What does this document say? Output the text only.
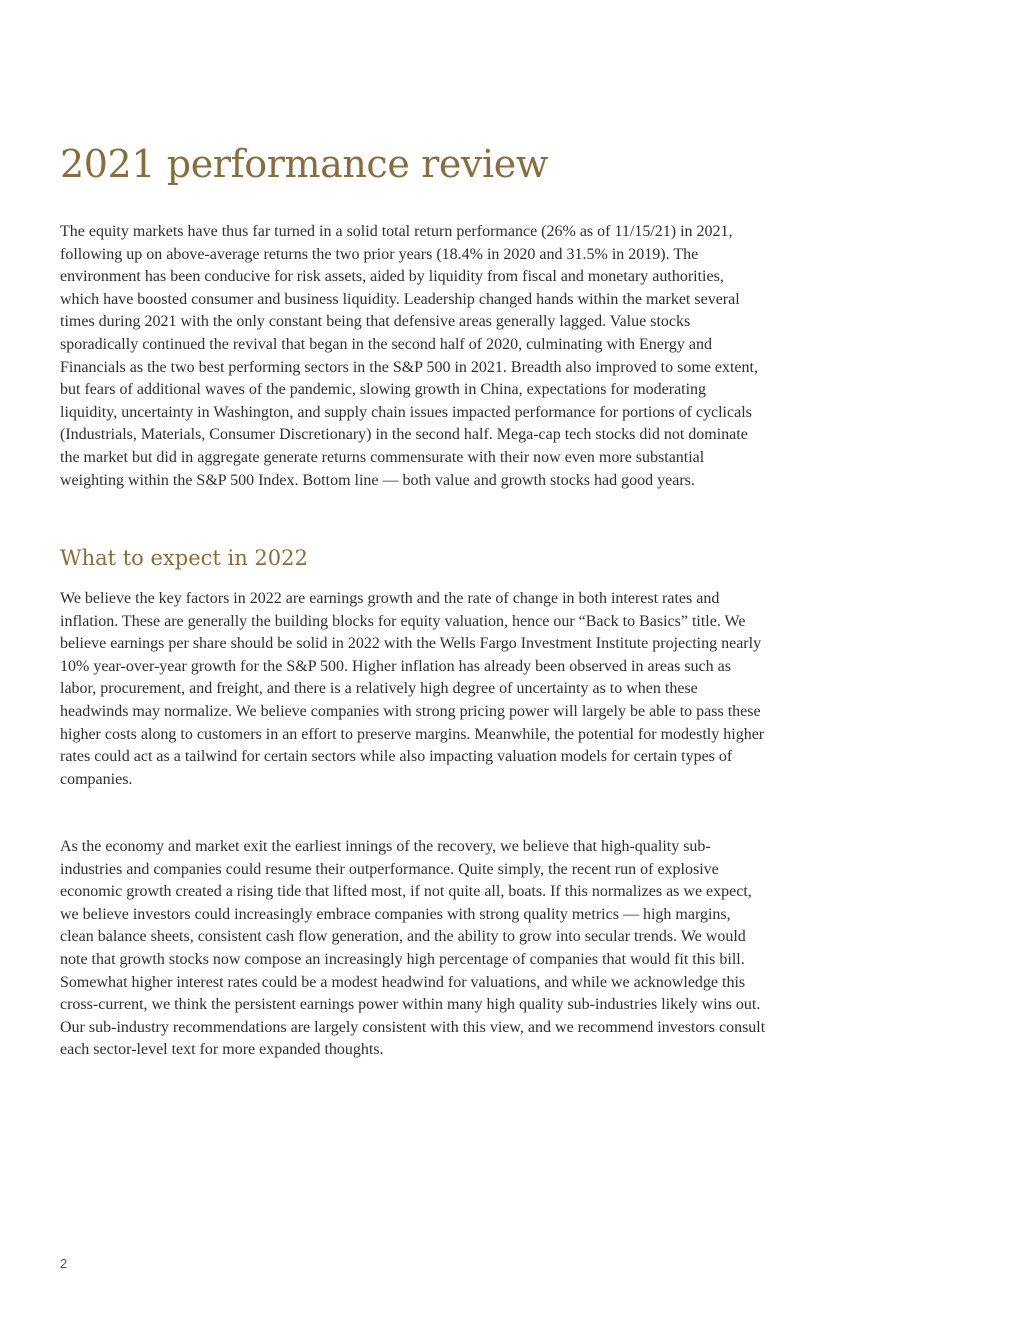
2021 performance review

The equity markets have thus far turned in a solid total return performance (26% as of 11/15/21) in 2021, following up on above-average returns the two prior years (18.4% in 2020 and 31.5% in 2019). The environment has been conducive for risk assets, aided by liquidity from fiscal and monetary authorities, which have boosted consumer and business liquidity. Leadership changed hands within the market several times during 2021 with the only constant being that defensive areas generally lagged. Value stocks sporadically continued the revival that began in the second half of 2020, culminating with Energy and Financials as the two best performing sectors in the S&P 500 in 2021. Breadth also improved to some extent, but fears of additional waves of the pandemic, slowing growth in China, expectations for moderating liquidity, uncertainty in Washington, and supply chain issues impacted performance for portions of cyclicals (Industrials, Materials, Consumer Discretionary) in the second half. Mega-cap tech stocks did not dominate the market but did in aggregate generate returns commensurate with their now even more substantial weighting within the S&P 500 Index. Bottom line — both value and growth stocks had good years.

What to expect in 2022

We believe the key factors in 2022 are earnings growth and the rate of change in both interest rates and inflation. These are generally the building blocks for equity valuation, hence our “Back to Basics” title. We believe earnings per share should be solid in 2022 with the Wells Fargo Investment Institute projecting nearly 10% year-over-year growth for the S&P 500. Higher inflation has already been observed in areas such as labor, procurement, and freight, and there is a relatively high degree of uncertainty as to when these headwinds may normalize. We believe companies with strong pricing power will largely be able to pass these higher costs along to customers in an effort to preserve margins. Meanwhile, the potential for modestly higher rates could act as a tailwind for certain sectors while also impacting valuation models for certain types of companies.

As the economy and market exit the earliest innings of the recovery, we believe that high-quality sub-industries and companies could resume their outperformance. Quite simply, the recent run of explosive economic growth created a rising tide that lifted most, if not quite all, boats. If this normalizes as we expect, we believe investors could increasingly embrace companies with strong quality metrics — high margins, clean balance sheets, consistent cash flow generation, and the ability to grow into secular trends. We would note that growth stocks now compose an increasingly high percentage of companies that would fit this bill. Somewhat higher interest rates could be a modest headwind for valuations, and while we acknowledge this cross-current, we think the persistent earnings power within many high quality sub-industries likely wins out. Our sub-industry recommendations are largely consistent with this view, and we recommend investors consult each sector-level text for more expanded thoughts.

2
